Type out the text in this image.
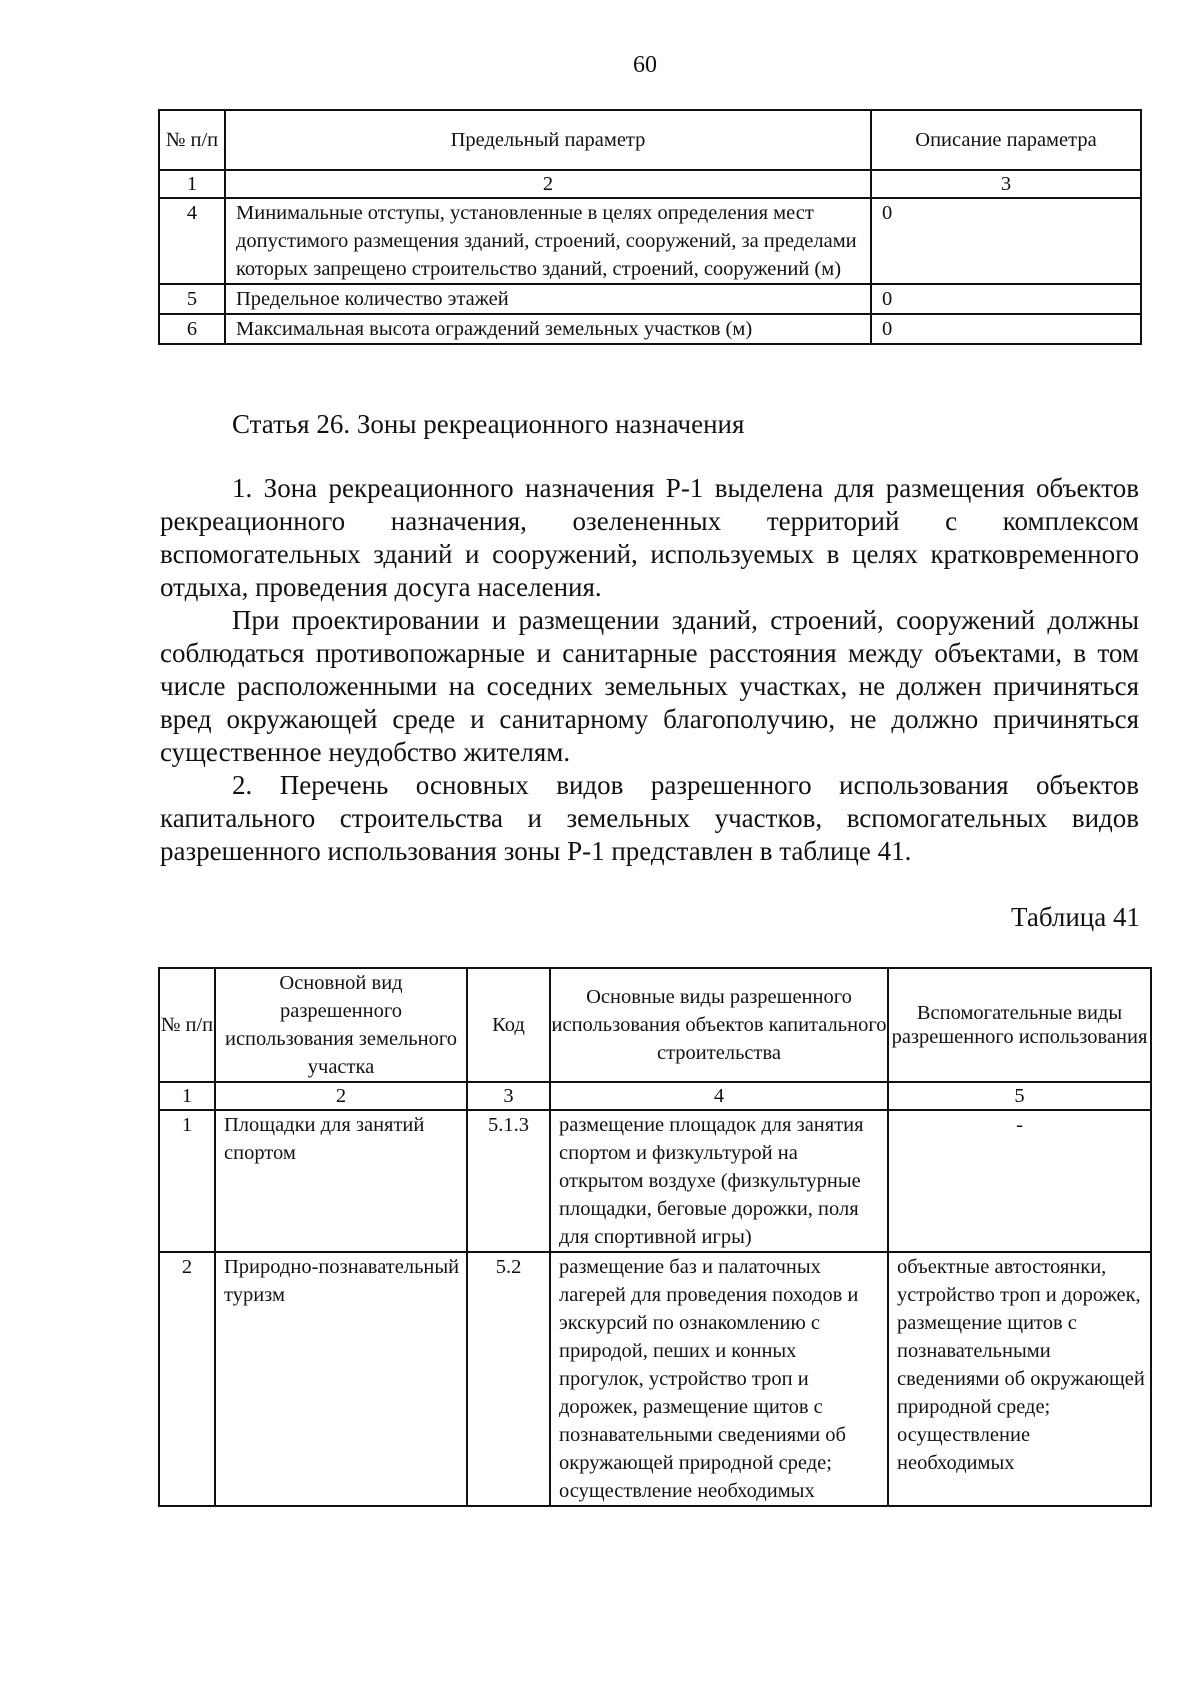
60
№ п/п	Предельный параметр	Описание параметра
1	2	3
4	Минимальные отступы, установленные в целях определения мест допустимого размещения зданий, строений, сооружений, за пределами которых запрещено строительство зданий, строений, сооружений (м)	0
5	Предельное количество этажей	0
6	Максимальная высота ограждений земельных участков (м)	0
Статья 26. Зоны рекреационного назначения
1. Зона рекреационного назначения Р-1 выделена для размещения объектов рекреационного назначения, озелененных территорий с комплексом вспомогательных зданий и сооружений, используемых в целях кратковременного отдыха, проведения досуга населения.
При проектировании и размещении зданий, строений, сооружений должны соблюдаться противопожарные и санитарные расстояния между объектами, в том числе расположенными на соседних земельных участках, не должен причиняться вред окружающей среде и санитарному благополучию, не должно причиняться существенное неудобство жителям.
2. Перечень основных видов разрешенного использования объектов капитального строительства и земельных участков, вспомогательных видов разрешенного использования зоны Р-1 представлен в таблице 41.
Таблица 41
№ п/п	Основной вид разрешенного использования земельного участка	Код	Основные виды разрешенного использования объектов капитального строительства	Вспомогательные виды разрешенного использования
1	2	3	4	5
1	Площадки для занятий спортом	5.1.3	размещение площадок для занятия спортом и физкультурой на открытом воздухе (физкультурные площадки, беговые дорожки, поля для спортивной игры)	-
2	Природно-познавательный туризм	5.2	размещение баз и палаточных лагерей для проведения походов и экскурсий по ознакомлению с природой, пеших и конных прогулок, устройство троп и дорожек, размещение щитов с познавательными сведениями об окружающей природной среде; осуществление необходимых	объектные автостоянки, устройство троп и дорожек, размещение щитов с познавательными сведениями об окружающей природной среде; осуществление необходимых
